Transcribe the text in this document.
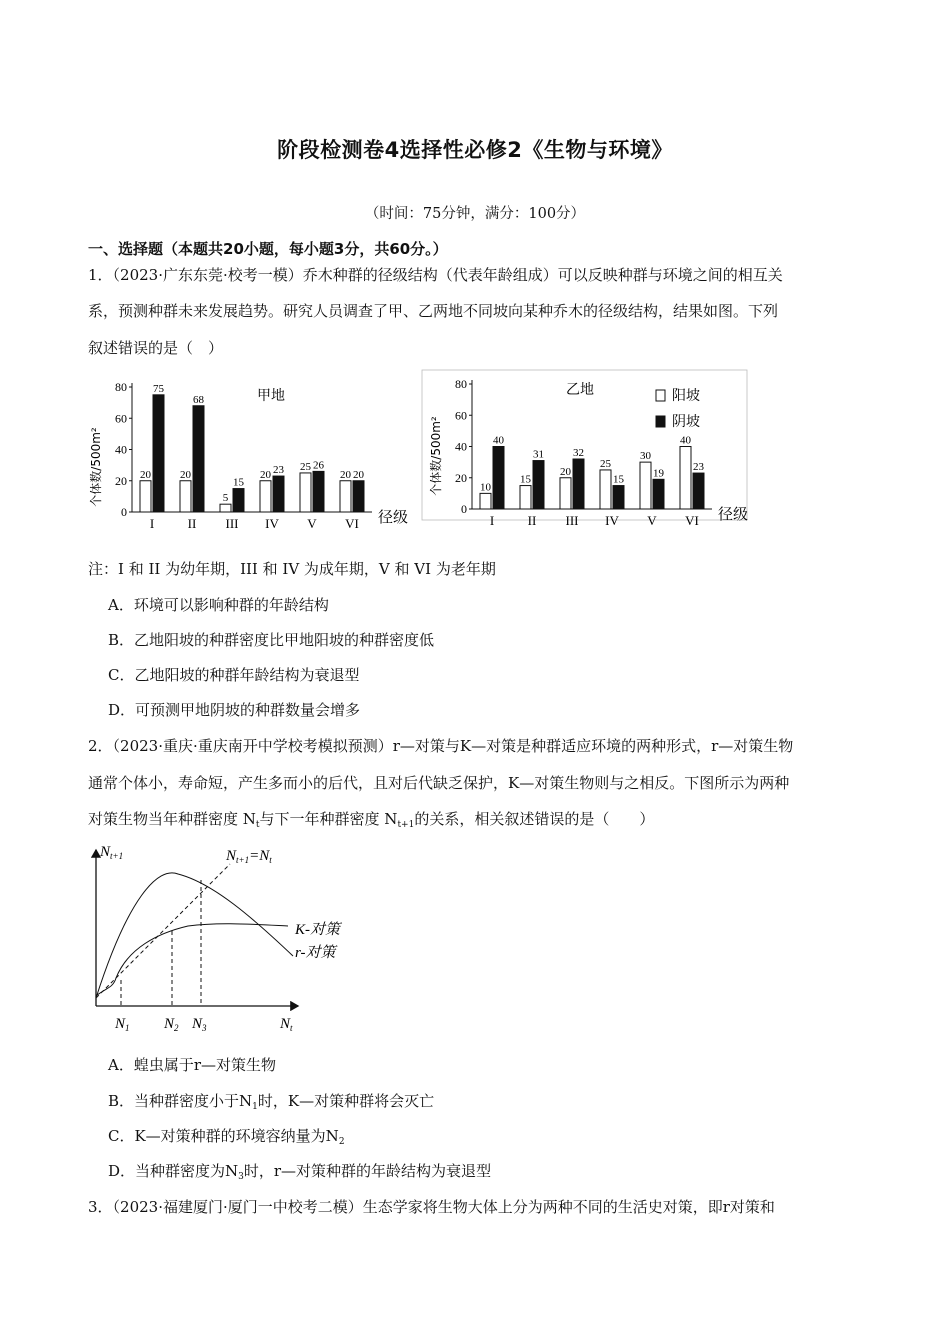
阶段检测卷4选择性必修2《生物与环境》
（时间：75分钟，满分：100分）
一、选择题（本题共20小题，每小题3分，共60分。）
1．（2023·广东东莞·校考一模）乔木种群的径级结构（代表年龄组成）可以反映种群与环境之间的相互关
系，预测种群未来发展趋势。研究人员调查了甲、乙两地不同坡向某种乔木的径级结构，结果如图。下列
叙述错误的是（　）
0
20
40
60
80
I
20
75
II
20
68
III
5
15
IV
20 23
V
25 26
VI
20 20
甲地
径级
个体数/500m²
0
20
40
60
80
I
10
40
II
15
31
III
20
32
IV
25
15
V
30
19
VI
40
23
乙地
径级
个体数/500m²
阳坡
阴坡
注：I 和 II 为幼年期，III 和 IV 为成年期，V 和 VI 为老年期
A．环境可以影响种群的年龄结构
B．乙地阳坡的种群密度比甲地阳坡的种群密度低
C．乙地阳坡的种群年龄结构为衰退型
D．可预测甲地阴坡的种群数量会增多
2．（2023·重庆·重庆南开中学校考模拟预测）r—对策与K—对策是种群适应环境的两种形式，r—对策生物
通常个体小，寿命短，产生多而小的后代，且对后代缺乏保护，K—对策生物则与之相反。下图所示为两种
对策生物当年种群密度 $N_t$与下一年种群密度 $N_{t+1}$的关系，相关叙述错误的是（　　）
$N_{t+1}$	$N_{t+1}=N_t$
K-对策
r-对策
$N_1$ $N_2$ $N_3$	$N_t$
A．蝗虫属于r—对策生物
B．当种群密度小于$N_1$时，K—对策种群将会灭亡
C．K—对策种群的环境容纳量为$N_2$
D．当种群密度为$N_3$时，r—对策种群的年龄结构为衰退型
3．（2023·福建厦门·厦门一中校考二模）生态学家将生物大体上分为两种不同的生活史对策，即r对策和
